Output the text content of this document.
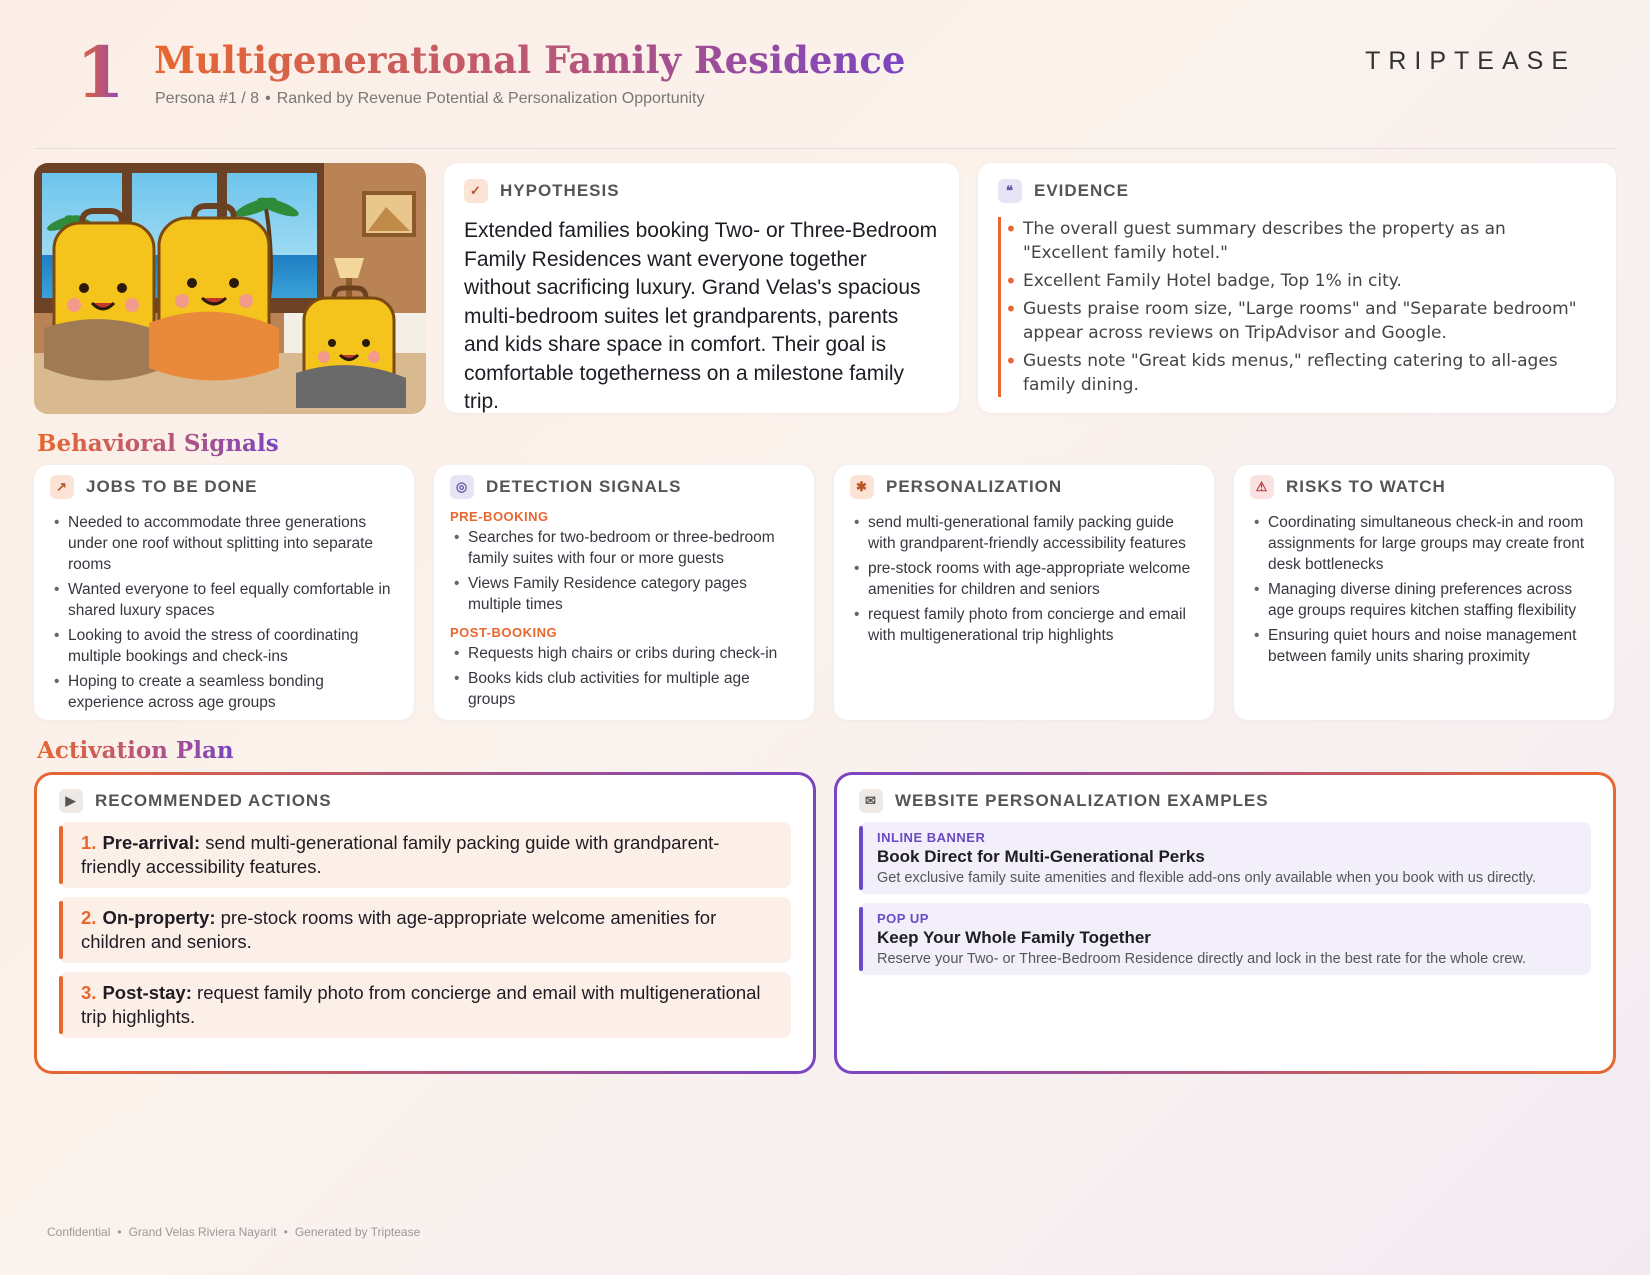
1 Multigenerational Family Residence
Persona #1 / 8 • Ranked by Revenue Potential & Personalization Opportunity
TRIPTEASE
✓	HYPOTHESIS
Extended families booking Two- or Three-Bedroom Family Residences want everyone together without sacrificing luxury. Grand Velas's spacious multi-bedroom suites let grandparents, parents and kids share space in comfort. Their goal is comfortable togetherness on a milestone family trip.
❝	EVIDENCE
• The overall guest summary describes the property as an "Excellent family hotel."
• Excellent Family Hotel badge, Top 1% in city.
• Guests praise room size, "Large rooms" and "Separate bedroom" appear across reviews on TripAdvisor and Google.
• Guests note "Great kids menus," reflecting catering to all-ages family dining.
Behavioral Signals
↗	JOBS TO BE DONE
• Needed to accommodate three generations under one roof without splitting into separate rooms
• Wanted everyone to feel equally comfortable in shared luxury spaces
• Looking to avoid the stress of coordinating multiple bookings and check-ins
• Hoping to create a seamless bonding experience across age groups
◎	DETECTION SIGNALS
PRE-BOOKING
• Searches for two-bedroom or three-bedroom family suites with four or more guests
• Views Family Residence category pages multiple times
POST-BOOKING
• Requests high chairs or cribs during check-in
• Books kids club activities for multiple age groups
✱	PERSONALIZATION
• send multi-generational family packing guide with grandparent-friendly accessibility features
• pre-stock rooms with age-appropriate welcome amenities for children and seniors
• request family photo from concierge and email with multigenerational trip highlights
⚠	RISKS TO WATCH
• Coordinating simultaneous check-in and room assignments for large groups may create front desk bottlenecks
• Managing diverse dining preferences across age groups requires kitchen staffing flexibility
• Ensuring quiet hours and noise management between family units sharing proximity
Activation Plan
▶	RECOMMENDED ACTIONS
1. Pre-arrival: send multi-generational family packing guide with grandparent-friendly accessibility features.
2. On-property: pre-stock rooms with age-appropriate welcome amenities for children and seniors.
3. Post-stay: request family photo from concierge and email with multigenerational trip highlights.
✉	WEBSITE PERSONALIZATION EXAMPLES
INLINE BANNER
Book Direct for Multi-Generational Perks
Get exclusive family suite amenities and flexible add-ons only available when you book with us directly.
POP UP
Keep Your Whole Family Together
Reserve your Two- or Three-Bedroom Residence directly and lock in the best rate for the whole crew.
Confidential • Grand Velas Riviera Nayarit • Generated by Triptease
